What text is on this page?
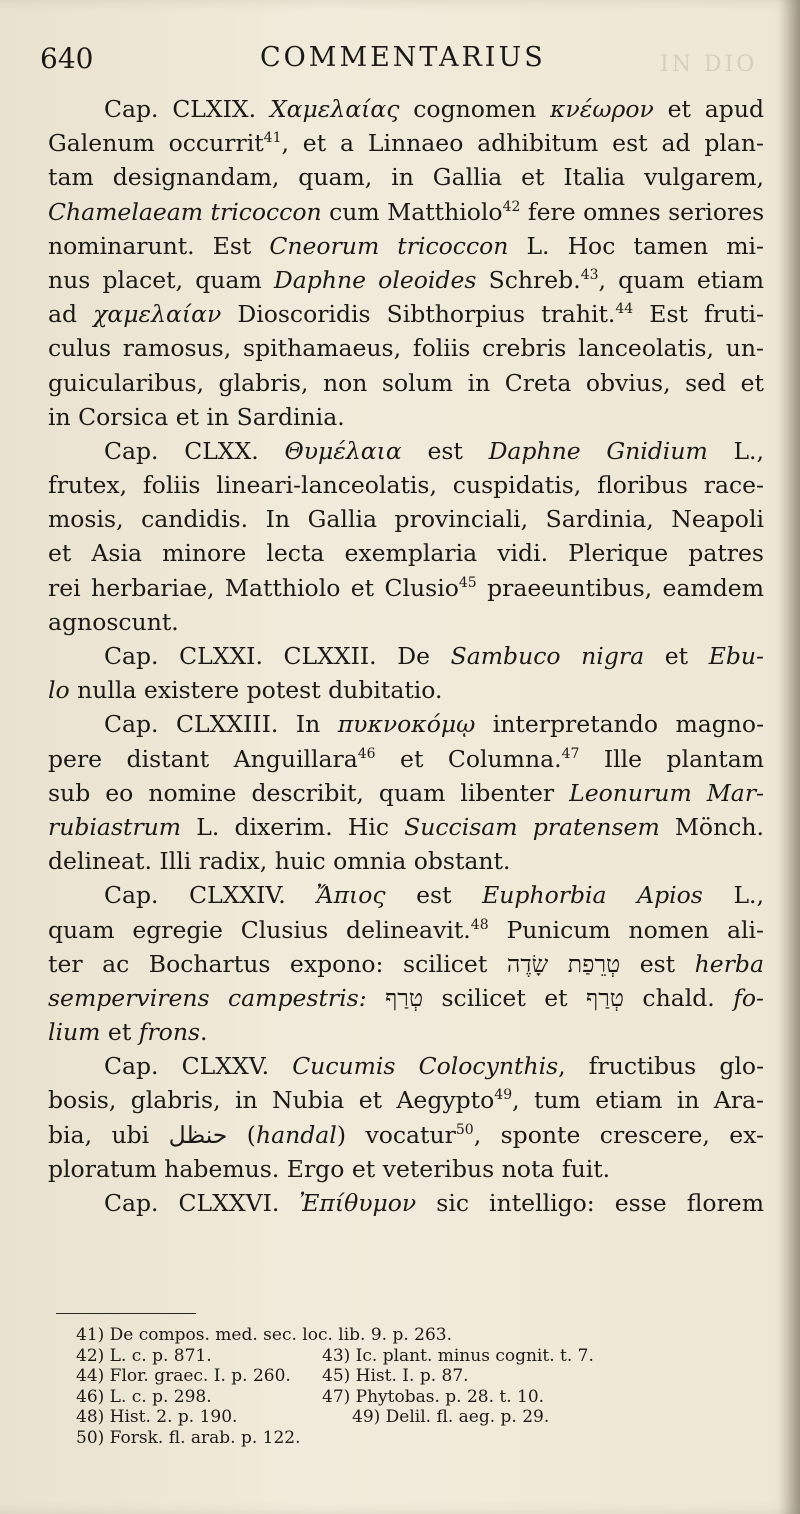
640	COMMENTARIUS	IN DIO
Cap. CLXIX. Χαμελαίας cognomen κνέωρον et apud
Galenum occurrit$^{41}$, et a Linnaeo adhibitum est ad plan-
tam designandam, quam, in Gallia et Italia vulgarem,
Chamelaeam tricoccon cum Matthiolo$^{42}$ fere omnes seriores
nominarunt. Est Cneorum tricoccon L. Hoc tamen mi-
nus placet, quam Daphne oleoides Schreb.$^{43}$, quam etiam
ad χαμελαίαν Dioscoridis Sibthorpius trahit.$^{44}$ Est fruti-
culus ramosus, spithamaeus, foliis crebris lanceolatis, un-
guicularibus, glabris, non solum in Creta obvius, sed et
in Corsica et in Sardinia.
Cap. CLXX. Θυμέλαια est Daphne Gnidium L.,
frutex, foliis lineari-lanceolatis, cuspidatis, floribus race-
mosis, candidis. In Gallia provinciali, Sardinia, Neapoli
et Asia minore lecta exemplaria vidi. Plerique patres
rei herbariae, Matthiolo et Clusio$^{45}$ praeeuntibus, eamdem
agnoscunt.
Cap. CLXXI. CLXXII. De Sambuco nigra et Ebu-
lo nulla existere potest dubitatio.
Cap. CLXXIII. In πυκνοκόμῳ interpretando magno-
pere distant Anguillara$^{46}$ et Columna.$^{47}$ Ille plantam
sub eo nomine describit, quam libenter Leonurum Mar-
rubiastrum L. dixerim. Hic Succisam pratensem Mönch.
delineat. Illi radix, huic omnia obstant.
Cap. CLXXIV. Ἄπιος est Euphorbia Apios L.,
quam egregie Clusius delineavit.$^{48}$ Punicum nomen ali-
ter ac Bochartus expono: scilicet טְרֵפַת שָׂדֶה est herba
sempervirens campestris: טְרַף scilicet et טְרַף chald. fo-
lium et frons.
Cap. CLXXV. Cucumis Colocynthis, fructibus glo-
bosis, glabris, in Nubia et Aegypto$^{49}$, tum etiam in Ara-
bia, ubi حنظل (handal) vocatur$^{50}$, sponte crescere, ex-
ploratum habemus. Ergo et veteribus nota fuit.
Cap. CLXXVI. Ἐπίθυμον sic intelligo: esse florem
41) De compos. med. sec. loc. lib. 9. p. 263.
42) L. c. p. 871.	43) Ic. plant. minus cognit. t. 7.
44) Flor. graec. I. p. 260. 45) Hist. I. p. 87.
46) L. c. p. 298.	47) Phytobas. p. 28. t. 10.
48) Hist. 2. p. 190.	49) Delil. fl. aeg. p. 29.
50) Forsk. fl. arab. p. 122.
